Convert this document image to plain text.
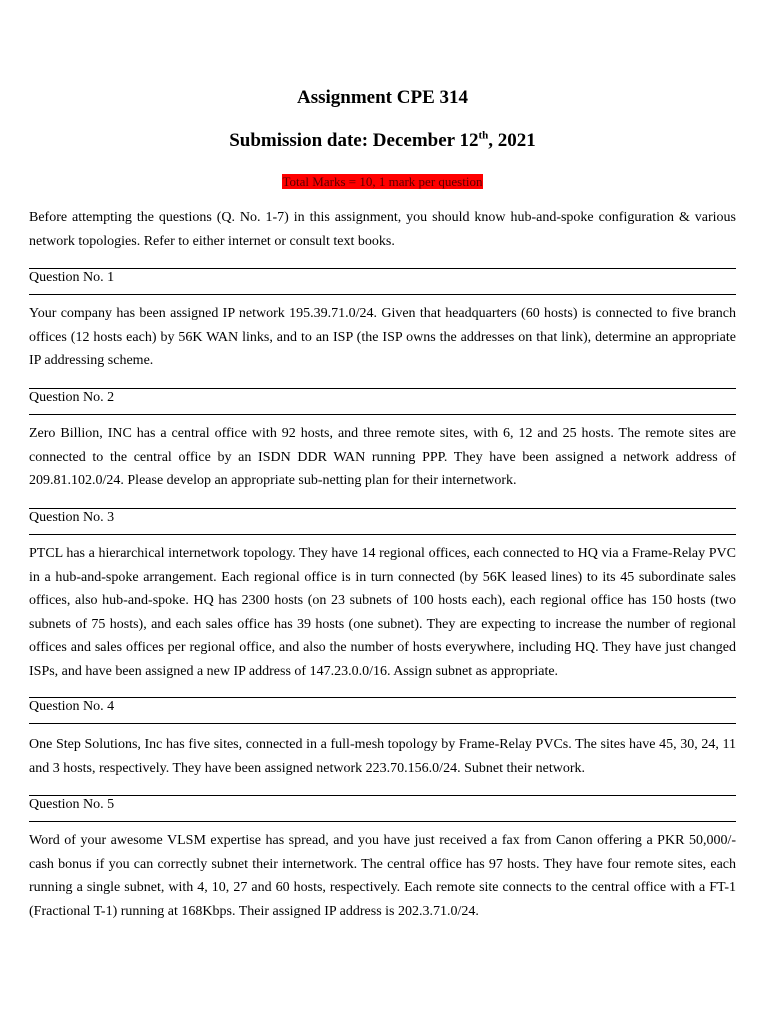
Assignment CPE 314
Submission date: December 12th, 2021
Total Marks = 10, 1 mark per question
Before attempting the questions (Q. No. 1-7) in this assignment, you should know hub-and-spoke configuration & various network topologies. Refer to either internet or consult text books.
Question No. 1
Your company has been assigned IP network 195.39.71.0/24. Given that headquarters (60 hosts) is connected to five branch offices (12 hosts each) by 56K WAN links, and to an ISP (the ISP owns the addresses on that link), determine an appropriate IP addressing scheme.
Question No. 2
Zero Billion, INC has a central office with 92 hosts, and three remote sites, with 6, 12 and 25 hosts. The remote sites are connected to the central office by an ISDN DDR WAN running PPP. They have been assigned a network address of 209.81.102.0/24. Please develop an appropriate sub-netting plan for their internetwork.
Question No. 3
PTCL has a hierarchical internetwork topology. They have 14 regional offices, each connected to HQ via a Frame-Relay PVC in a hub-and-spoke arrangement. Each regional office is in turn connected (by 56K leased lines) to its 45 subordinate sales offices, also hub-and-spoke. HQ has 2300 hosts (on 23 subnets of 100 hosts each), each regional office has 150 hosts (two subnets of 75 hosts), and each sales office has 39 hosts (one subnet). They are expecting to increase the number of regional offices and sales offices per regional office, and also the number of hosts everywhere, including HQ. They have just changed ISPs, and have been assigned a new IP address of 147.23.0.0/16. Assign subnet as appropriate.
Question No. 4
One Step Solutions, Inc has five sites, connected in a full-mesh topology by Frame-Relay PVCs. The sites have 45, 30, 24, 11 and 3 hosts, respectively. They have been assigned network 223.70.156.0/24. Subnet their network.
Question No. 5
Word of your awesome VLSM expertise has spread, and you have just received a fax from Canon offering a PKR 50,000/- cash bonus if you can correctly subnet their internetwork. The central office has 97 hosts. They have four remote sites, each running a single subnet, with 4, 10, 27 and 60 hosts, respectively. Each remote site connects to the central office with a FT-1 (Fractional T-1) running at 168Kbps. Their assigned IP address is 202.3.71.0/24.
